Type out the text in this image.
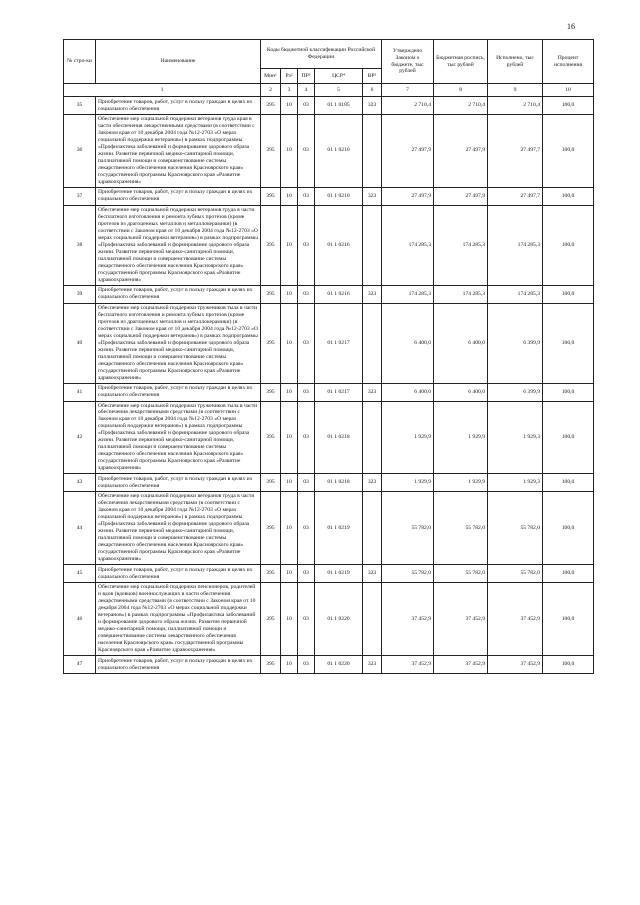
16
№ стро-ки	Наименование	Коды бюджетной классификации Российской Федерации					Утверждено Законом о бюджете, тыс рублей	Бюджетная роспись, тыс рублей	Исполнено, тыс рублей	Процент исполнения
		Мин¹	Рз²	ПР³	ЦСР⁴	ВР⁵				
1		2	3	4	5	6	7	8	9	10
35	Приобретение товаров, работ, услуг в пользу граждан в целях их социального обеспечения	395	10	03	01 1 0185	323	2 710,4	2 710,4	2 710,4	100,0
36	Обеспечение мер социальной поддержки ветеранов труда края в части обеспечения лекарственными средствами (в соответствии с Законом края от 10 декабря 2004 года №12-2703 «О мерах социальной поддержки ветеранов») в рамках подпрограммы «Профилактика заболеваний и формирование здорового образа жизни. Развитие первичной медико-санитарной помощи, паллиативной помощи и совершенствование системы лекарственного обеспечения населения Красноярского края» государственной программы Красноярского края «Развитие здравоохранения»	395	10	03	01 1 0210		27 497,9	27 497,9	27 497,7	100,0
37	Приобретение товаров, работ, услуг в пользу граждан в целях их социального обеспечения	395	10	03	01 1 0210	323	27 497,9	27 497,9	27 497,7	100,0
38	Обеспечение мер социальной поддержки ветеранов труда в части бесплатного изготовления и ремонта зубных протезов (кроме протезов из драгоценных металлов и металлокерамики) (в соответствии с Законом края от 10 декабря 2004 года №12-2703 «О мерах социальной поддержки ветеранов») в рамках подпрограммы «Профилактика заболеваний и формирование здорового образа жизни. Развитие первичной медико-санитарной помощи, паллиативной помощи и совершенствование системы лекарственного обеспечения населения Красноярского края» государственной программы Красноярского края «Развитие здравоохранения»	395	10	03	01 1 0216		174 285,3	174 285,3	174 285,3	100,0
39	Приобретение товаров, работ, услуг в пользу граждан в целях их социального обеспечения	395	10	03	01 1 0216	323	174 285,3	174 285,3	174 285,3	100,0
40	Обеспечение мер социальной поддержки тружеников тыла в части бесплатного изготовления и ремонта зубных протезов (кроме протезов из драгоценных металлов и металлокерамики) (в соответствии с Законом края от 10 декабря 2004 года №12-2703 «О мерах социальной поддержки ветеранов») в рамках подпрограммы «Профилактика заболеваний и формирование здорового образа жизни. Развитие первичной медико-санитарной помощи, паллиативной помощи и совершенствование системы лекарственного обеспечения населения Красноярского края» государственной программы Красноярского края «Развитие здравоохранения»	395	10	03	01 1 0217		6 400,0	6 400,0	6 399,9	100,0
41	Приобретение товаров, работ, услуг в пользу граждан в целях их социального обеспечения	395	10	03	01 1 0217	323	6 400,0	6 400,0	6 399,9	100,0
42	Обеспечение мер социальной поддержки тружеников тыла в части обеспечения лекарственными средствами (в соответствии с Законом края от 10 декабря 2004 года №12-2703 «О мерах социальной поддержки ветеранов») в рамках подпрограммы «Профилактика заболеваний и формирование здорового образа жизни. Развитие первичной медико-санитарной помощи, паллиативной помощи и совершенствование системы лекарственного обеспечения населения Красноярского края» государственной программы Красноярского края «Развитие здравоохранения»	395	10	03	01 1 0218		1 929,9	1 929,9	1 929,3	100,0
43	Приобретение товаров, работ, услуг в пользу граждан в целях их социального обеспечения	395	10	03	01 1 0218	323	1 929,9	1 929,9	1 929,3	100,0
44	Обеспечение мер социальной поддержки ветеранов труда в части обеспечения лекарственными средствами (в соответствии с Законом края от 10 декабря 2004 года №12-2703 «О мерах социальной поддержки ветеранов») в рамках подпрограммы «Профилактика заболеваний и формирование здорового образа жизни. Развитие первичной медико-санитарной помощи, паллиативной помощи и совершенствование системы лекарственного обеспечения населения Красноярского края» государственной программы Красноярского края «Развитие здравоохранения»	395	10	03	01 1 0219		55 782,0	55 782,0	55 782,0	100,0
45	Приобретение товаров, работ, услуг в пользу граждан в целях их социального обеспечения	395	10	03	01 1 0219	323	55 782,0	55 782,0	55 782,0	100,0
46	Обеспечение мер социальной поддержки пенсионеров, родителей и вдов (вдовцов) военнослужащих в части обеспечения лекарственными средствами (в соответствии с Законом края от 10 декабря 2004 года №12-2703 «О мерах социальной поддержки ветеранов») в рамках подпрограммы «Профилактика заболеваний и формирование здорового образа жизни. Развитие первичной медико-санитарной помощи, паллиативной помощи и совершенствование системы лекарственного обеспечения населения Красноярского края» государственной программы Красноярского края «Развитие здравоохранения»	395	10	03	01 1 0220		37 452,9	37 452,9	37 452,9	100,0
47	Приобретение товаров, работ, услуг в пользу граждан в целях их социального обеспечения	395	10	03	01 1 0220	323	37 452,9	37 452,9	37 452,9	100,0
